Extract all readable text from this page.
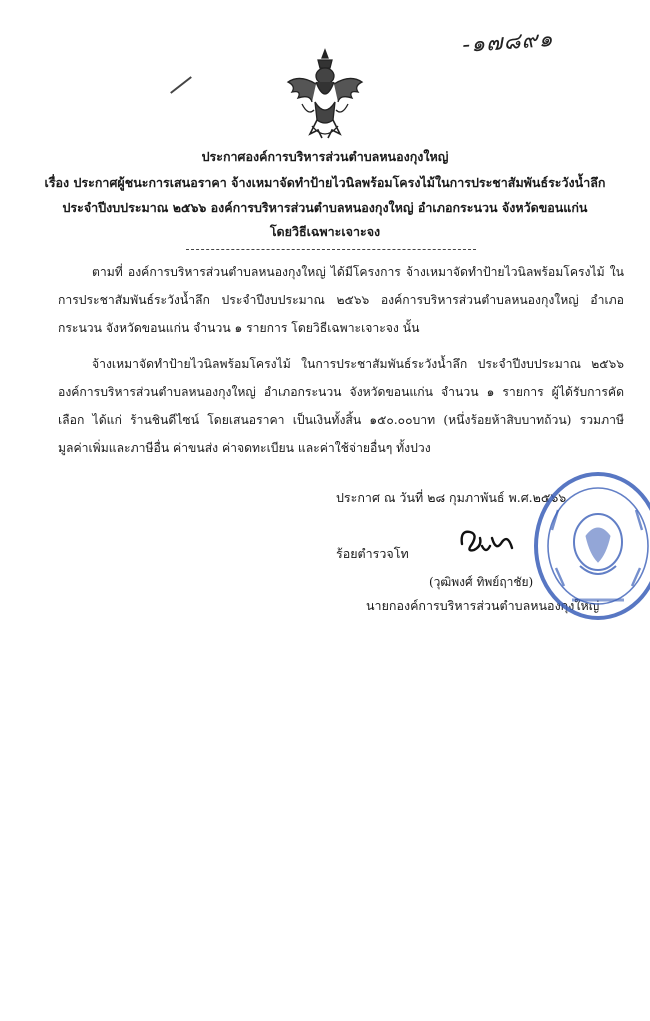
-๑๗๘๙๑
ประกาศองค์การบริหารส่วนตำบลหนองกุงใหญ่
เรื่อง ประกาศผู้ชนะการเสนอราคา จ้างเหมาจัดทำป้ายไวนิลพร้อมโครงไม้ในการประชาสัมพันธ์ระวังน้ำลึก
ประจำปีงบประมาณ ๒๕๖๖ องค์การบริหารส่วนตำบลหนองกุงใหญ่ อำเภอกระนวน จังหวัดขอนแก่น
โดยวิธีเฉพาะเจาะจง

ตามที่ องค์การบริหารส่วนตำบลหนองกุงใหญ่ ได้มีโครงการ จ้างเหมาจัดทำป้ายไวนิลพร้อมโครงไม้ ในการประชาสัมพันธ์ระวังน้ำลึก ประจำปีงบประมาณ ๒๕๖๖ องค์การบริหารส่วนตำบลหนองกุงใหญ่ อำเภอกระนวน จังหวัดขอนแก่น จำนวน ๑ รายการ โดยวิธีเฉพาะเจาะจง นั้น

จ้างเหมาจัดทำป้ายไวนิลพร้อมโครงไม้ ในการประชาสัมพันธ์ระวังน้ำลึก ประจำปีงบประมาณ ๒๕๖๖ องค์การบริหารส่วนตำบลหนองกุงใหญ่ อำเภอกระนวน จังหวัดขอนแก่น จำนวน ๑ รายการ ผู้ได้รับการคัดเลือก ได้แก่ ร้านชินดีไซน์ โดยเสนอราคา เป็นเงินทั้งสิ้น ๑๕๐.๐๐บาท (หนึ่งร้อยห้าสิบบาทถ้วน) รวมภาษีมูลค่าเพิ่มและภาษีอื่น ค่าขนส่ง ค่าจดทะเบียน และค่าใช้จ่ายอื่นๆ ทั้งปวง

ประกาศ ณ วันที่ ๒๘ กุมภาพันธ์ พ.ศ.๒๕๖๖
ร้อยตำรวจโท
(วุฒิพงศ์ ทิพย์ฤาชัย)
นายกองค์การบริหารส่วนตำบลหนองกุงใหญ่
